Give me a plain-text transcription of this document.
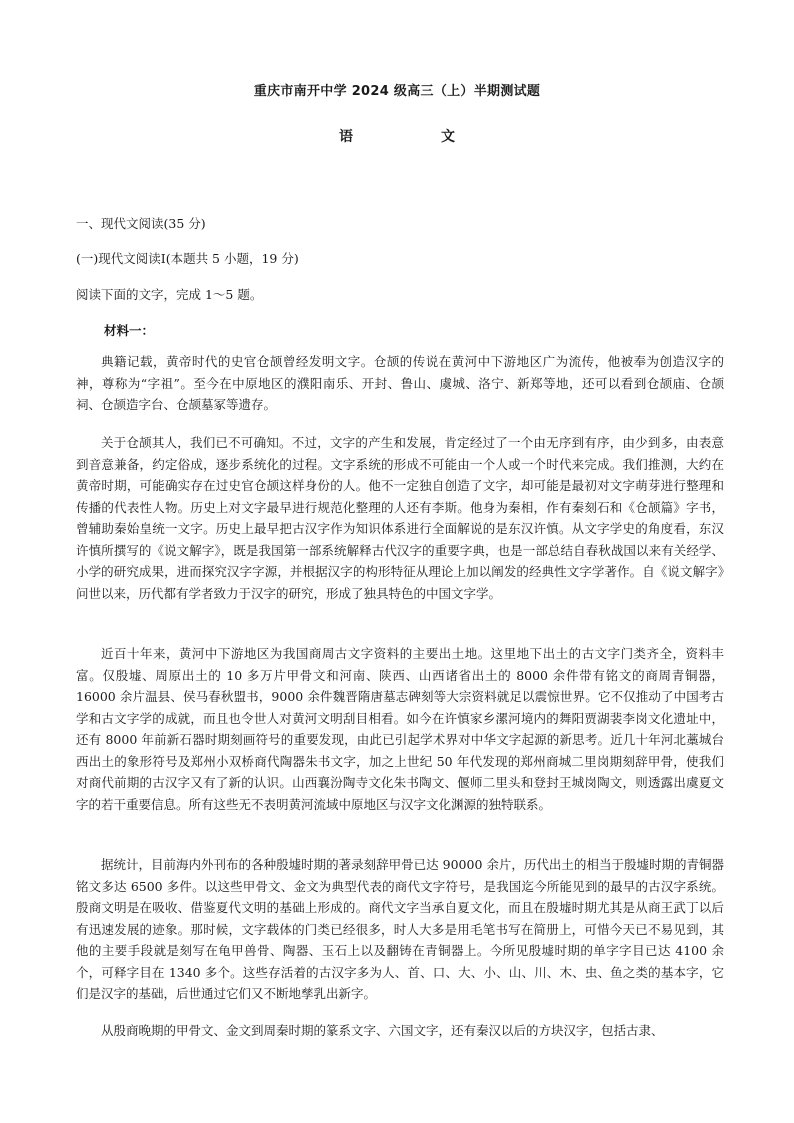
重庆市南开中学 2024 级高三（上）半期测试题
语	文
一、现代文阅读(35 分)
(一)现代文阅读Ⅰ(本题共 5 小题，19 分)
阅读下面的文字，完成 1～5 题。
材料一：

典籍记载，黄帝时代的史官仓颉曾经发明文字。仓颉的传说在黄河中下游地区广为流传，他被奉为创造汉字的神，尊称为“字祖”。至今在中原地区的濮阳南乐、开封、鲁山、虞城、洛宁、新郑等地，还可以看到仓颉庙、仓颉祠、仓颉造字台、仓颉墓冢等遗存。

关于仓颉其人，我们已不可确知。不过，文字的产生和发展，肯定经过了一个由无序到有序，由少到多，由表意到音意兼备，约定俗成，逐步系统化的过程。文字系统的形成不可能由一个人或一个时代来完成。我们推测，大约在黄帝时期，可能确实存在过史官仓颉这样身份的人。他不一定独自创造了文字，却可能是最初对文字萌芽进行整理和传播的代表性人物。历史上对文字最早进行规范化整理的人还有李斯。他身为秦相，作有秦刻石和《仓颉篇》字书，曾辅助秦始皇统一文字。历史上最早把古汉字作为知识体系进行全面解说的是东汉许慎。从文字学史的角度看，东汉许慎所撰写的《说文解字》，既是我国第一部系统解释古代汉字的重要字典，也是一部总结自春秋战国以来有关经学、小学的研究成果，进而探究汉字字源，并根据汉字的构形特征从理论上加以阐发的经典性文字学著作。自《说文解字》问世以来，历代都有学者致力于汉字的研究，形成了独具特色的中国文字学。

近百十年来，黄河中下游地区为我国商周古文字资料的主要出土地。这里地下出土的古文字门类齐全，资料丰富。仅殷墟、周原出土的 10 多万片甲骨文和河南、陕西、山西诸省出土的 8000 余件带有铭文的商周青铜器，16000 余片温县、侯马春秋盟书，9000 余件魏晋隋唐墓志碑刻等大宗资料就足以震惊世界。它不仅推动了中国考古学和古文字学的成就，而且也令世人对黄河文明刮目相看。如今在许慎家乡漯河境内的舞阳贾湖裴李岗文化遗址中，还有 8000 年前新石器时期刻画符号的重要发现，由此已引起学术界对中华文字起源的新思考。近几十年河北藁城台西出土的象形符号及郑州小双桥商代陶器朱书文字，加之上世纪 50 年代发现的郑州商城二里岗期刻辞甲骨，使我们对商代前期的古汉字又有了新的认识。山西襄汾陶寺文化朱书陶文、偃师二里头和登封王城岗陶文，则透露出虞夏文字的若干重要信息。所有这些无不表明黄河流域中原地区与汉字文化渊源的独特联系。

据统计，目前海内外刊布的各种殷墟时期的著录刻辞甲骨已达 90000 余片，历代出土的相当于殷墟时期的青铜器铭文多达 6500 多件。以这些甲骨文、金文为典型代表的商代文字符号，是我国迄今所能见到的最早的古汉字系统。殷商文明是在吸收、借鉴夏代文明的基础上形成的。商代文字当承自夏文化，而且在殷墟时期尤其是从商王武丁以后有迅速发展的迹象。那时候，文字载体的门类已经很多，时人大多是用毛笔书写在简册上，可惜今天已不易见到，其他的主要手段就是刻写在龟甲兽骨、陶器、玉石上以及翻铸在青铜器上。今所见殷墟时期的单字字目已达 4100 余个，可释字目在 1340 多个。这些存活着的古汉字多为人、首、口、大、小、山、川、木、虫、鱼之类的基本字，它们是汉字的基础，后世通过它们又不断地孳乳出新字。

从殷商晚期的甲骨文、金文到周秦时期的篆系文字、六国文字，还有秦汉以后的方块汉字，包括古隶、
